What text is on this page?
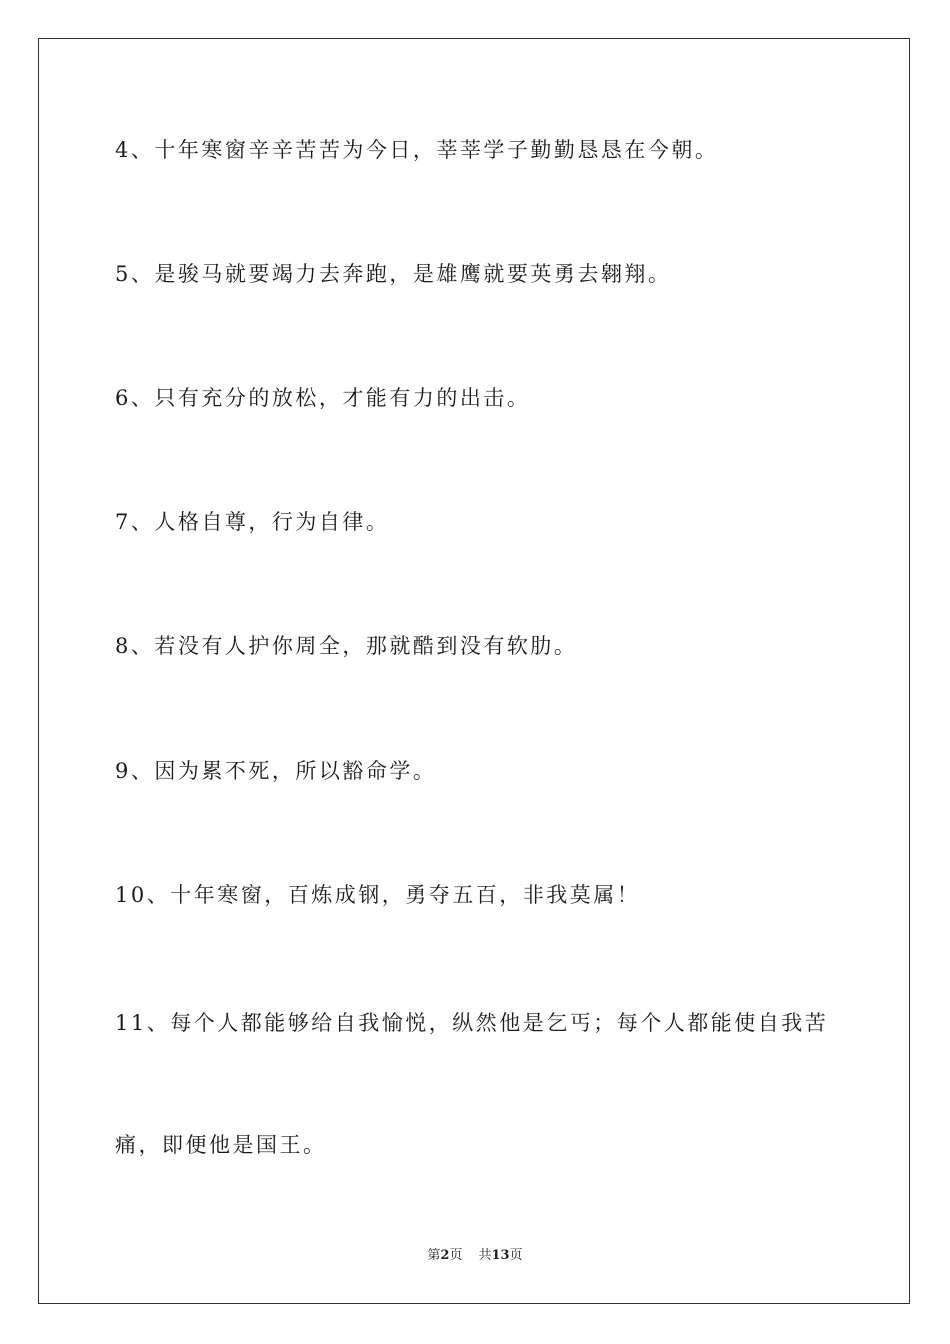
4、十年寒窗辛辛苦苦为今日，莘莘学子勤勤恳恳在今朝。
5、是骏马就要竭力去奔跑，是雄鹰就要英勇去翱翔。
6、只有充分的放松，才能有力的出击。
7、人格自尊，行为自律。
8、若没有人护你周全，那就酷到没有软肋。
9、因为累不死，所以豁命学。
10、十年寒窗，百炼成钢，勇夺五百，非我莫属！
11、每个人都能够给自我愉悦，纵然他是乞丐；每个人都能使自我苦
痛，即便他是国王。
第2页 共13页
